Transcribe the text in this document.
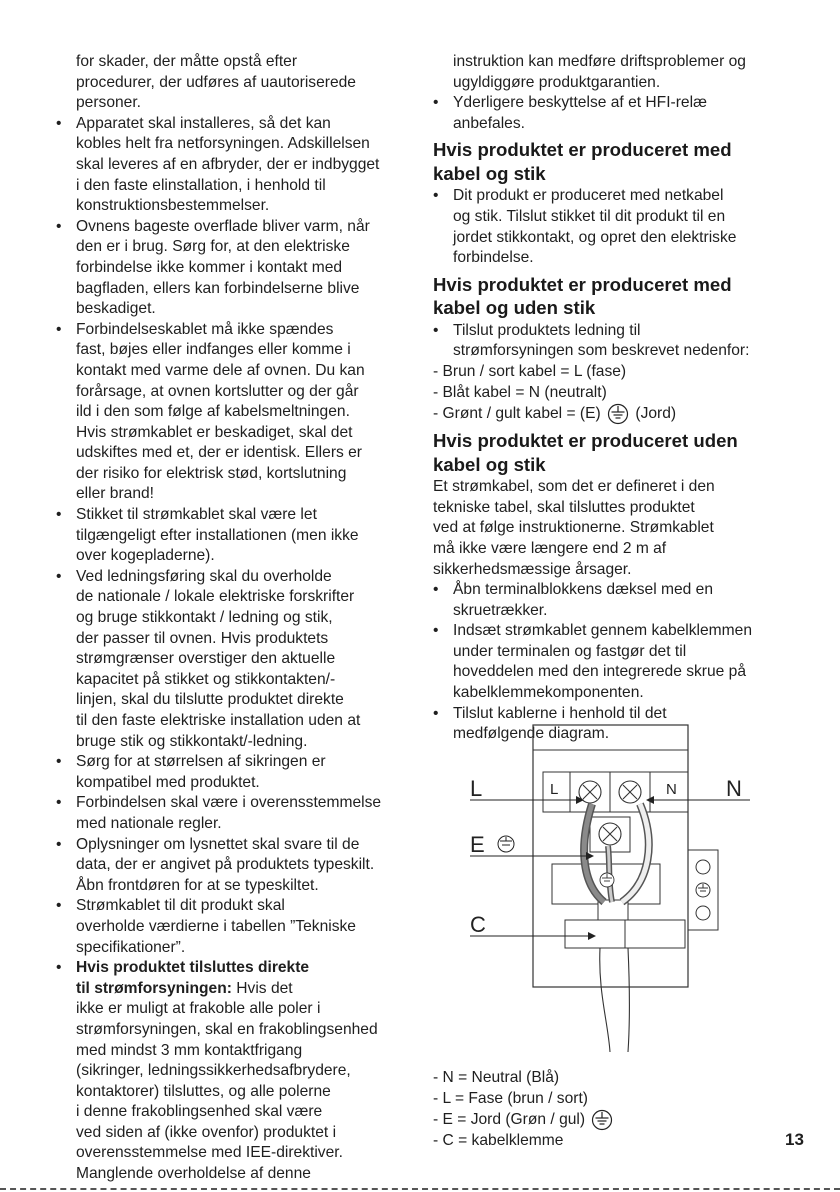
for skader, der måtte opstå efter
procedurer, der udføres af uautoriserede
personer.
• Apparatet skal installeres, så det kan
kobles helt fra netforsyningen. Adskillelsen
skal leveres af en afbryder, der er indbygget
i den faste elinstallation, i henhold til
konstruktionsbestemmelser.
• Ovnens bageste overflade bliver varm, når
den er i brug. Sørg for, at den elektriske
forbindelse ikke kommer i kontakt med
bagfladen, ellers kan forbindelserne blive
beskadiget.
• Forbindelseskablet må ikke spændes
fast, bøjes eller indfanges eller komme i
kontakt med varme dele af ovnen. Du kan
forårsage, at ovnen kortslutter og der går
ild i den som følge af kabelsmeltningen.
Hvis strømkablet er beskadiget, skal det
udskiftes med et, der er identisk. Ellers er
der risiko for elektrisk stød, kortslutning
eller brand!
• Stikket til strømkablet skal være let
tilgængeligt efter installationen (men ikke
over kogepladerne).
• Ved ledningsføring skal du overholde
de nationale / lokale elektriske forskrifter
og bruge stikkontakt / ledning og stik,
der passer til ovnen. Hvis produktets
strømgrænser overstiger den aktuelle
kapacitet på stikket og stikkontakten/-
linjen, skal du tilslutte produktet direkte
til den faste elektriske installation uden at
bruge stik og stikkontakt/-ledning.
• Sørg for at størrelsen af sikringen er
kompatibel med produktet.
• Forbindelsen skal være i overensstemmelse
med nationale regler.
• Oplysninger om lysnettet skal svare til de
data, der er angivet på produktets typeskilt.
Åbn frontdøren for at se typeskiltet.
• Strømkablet til dit produkt skal
overholde værdierne i tabellen ”Tekniske
specifikationer”.
• Hvis produktet tilsluttes direkte
til strømforsyningen: Hvis det
ikke er muligt at frakoble alle poler i
strømforsyningen, skal en frakoblingsenhed
med mindst 3 mm kontaktfrigang
(sikringer, ledningssikkerhedsafbrydere,
kontaktorer) tilsluttes, og alle polerne
i denne frakoblingsenhed skal være
ved siden af (ikke ovenfor) produktet i
overensstemmelse med IEE-direktiver.
Manglende overholdelse af denne
instruktion kan medføre driftsproblemer og
ugyldiggøre produktgarantien.
• Yderligere beskyttelse af et HFI-relæ
anbefales.
Hvis produktet er produceret med
kabel og stik
• Dit produkt er produceret med netkabel
og stik. Tilslut stikket til dit produkt til en
jordet stikkontakt, og opret den elektriske
forbindelse.
Hvis produktet er produceret med
kabel og uden stik
• Tilslut produktets ledning til
strømforsyningen som beskrevet nedenfor:
- Brun / sort kabel = L (fase)
- Blåt kabel = N (neutralt)
- Grønt / gult kabel = (E) (Jord)
Hvis produktet er produceret uden
kabel og stik
Et strømkabel, som det er defineret i den
tekniske tabel, skal tilsluttes produktet
ved at følge instruktionerne. Strømkablet
må ikke være længere end 2 m af
sikkerhedsmæssige årsager.
• Åbn terminalblokkens dæksel med en
skruetrækker.
• Indsæt strømkablet gennem kabelklemmen
under terminalen og fastgør det til
hoveddelen med den integrerede skrue på
kabelklemmekomponenten.
• Tilslut kablerne i henhold til det
medfølgende diagram.
L	N
L	N
E
C
- N = Neutral (Blå)
- L = Fase (brun / sort)
- E = Jord (Grøn / gul)
- C = kabelklemme	13
